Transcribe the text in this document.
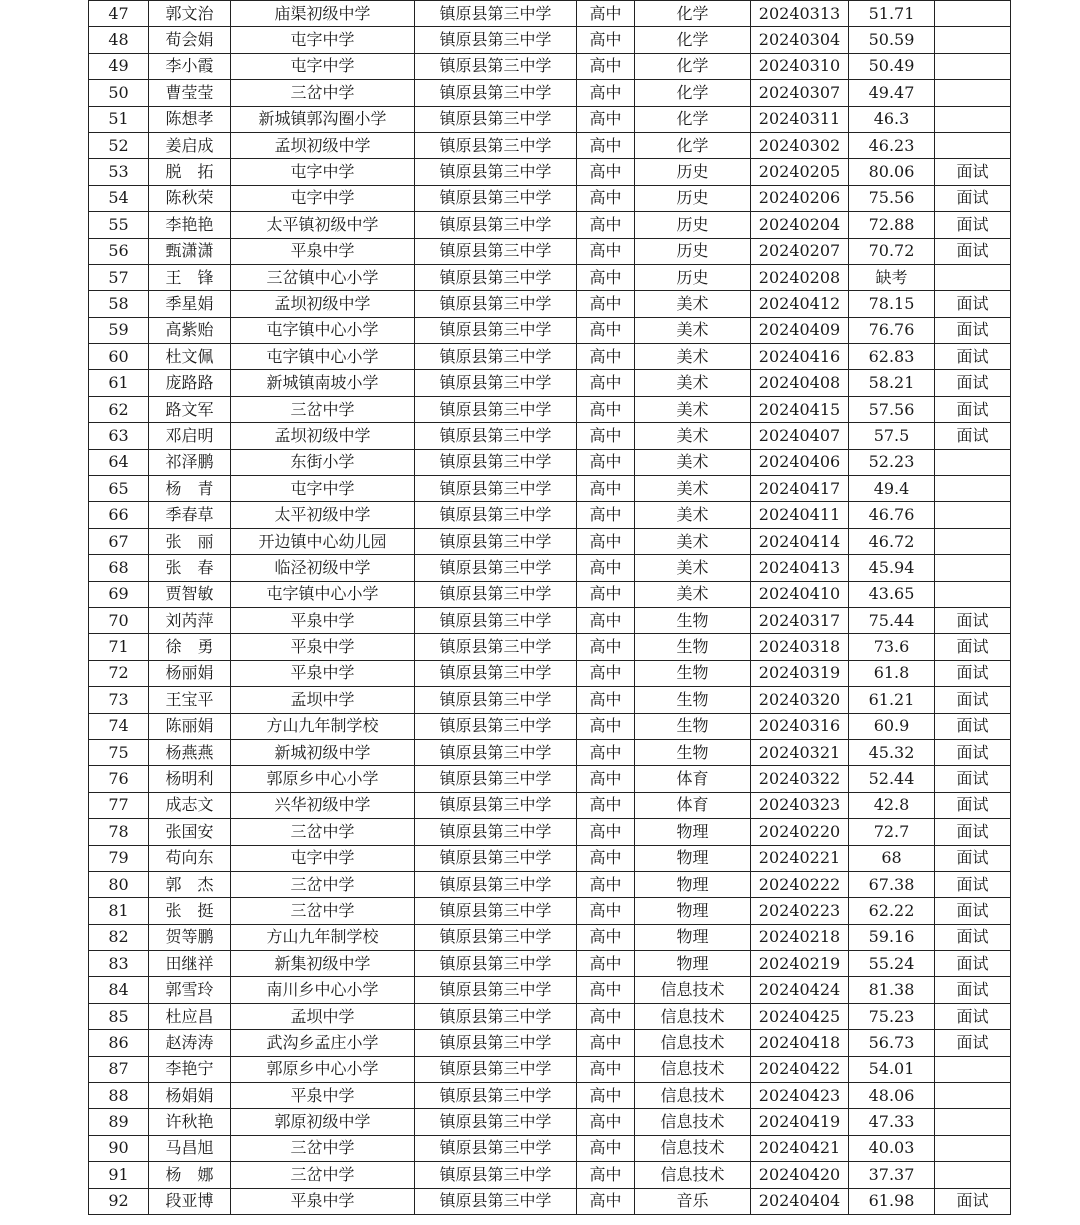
47	郭文治	庙渠初级中学	镇原县第三中学	高中	化学	20240313	51.71	
48	荀会娟	屯字中学	镇原县第三中学	高中	化学	20240304	50.59	
49	李小霞	屯字中学	镇原县第三中学	高中	化学	20240310	50.49	
50	曹莹莹	三岔中学	镇原县第三中学	高中	化学	20240307	49.47	
51	陈想孝	新城镇郭沟圈小学	镇原县第三中学	高中	化学	20240311	46.3	
52	姜启成	孟坝初级中学	镇原县第三中学	高中	化学	20240302	46.23	
53	脱　拓	屯字中学	镇原县第三中学	高中	历史	20240205	80.06	面试
54	陈秋荣	屯字中学	镇原县第三中学	高中	历史	20240206	75.56	面试
55	李艳艳	太平镇初级中学	镇原县第三中学	高中	历史	20240204	72.88	面试
56	甄潇潇	平泉中学	镇原县第三中学	高中	历史	20240207	70.72	面试
57	王　锋	三岔镇中心小学	镇原县第三中学	高中	历史	20240208	缺考	
58	季星娟	孟坝初级中学	镇原县第三中学	高中	美术	20240412	78.15	面试
59	高紫贻	屯字镇中心小学	镇原县第三中学	高中	美术	20240409	76.76	面试
60	杜文佩	屯字镇中心小学	镇原县第三中学	高中	美术	20240416	62.83	面试
61	庞路路	新城镇南坡小学	镇原县第三中学	高中	美术	20240408	58.21	面试
62	路文军	三岔中学	镇原县第三中学	高中	美术	20240415	57.56	面试
63	邓启明	孟坝初级中学	镇原县第三中学	高中	美术	20240407	57.5	面试
64	祁泽鹏	东街小学	镇原县第三中学	高中	美术	20240406	52.23	
65	杨　青	屯字中学	镇原县第三中学	高中	美术	20240417	49.4	
66	季春草	太平初级中学	镇原县第三中学	高中	美术	20240411	46.76	
67	张　丽	开边镇中心幼儿园	镇原县第三中学	高中	美术	20240414	46.72	
68	张　春	临泾初级中学	镇原县第三中学	高中	美术	20240413	45.94	
69	贾智敏	屯字镇中心小学	镇原县第三中学	高中	美术	20240410	43.65	
70	刘芮萍	平泉中学	镇原县第三中学	高中	生物	20240317	75.44	面试
71	徐　勇	平泉中学	镇原县第三中学	高中	生物	20240318	73.6	面试
72	杨丽娟	平泉中学	镇原县第三中学	高中	生物	20240319	61.8	面试
73	王宝平	孟坝中学	镇原县第三中学	高中	生物	20240320	61.21	面试
74	陈丽娟	方山九年制学校	镇原县第三中学	高中	生物	20240316	60.9	面试
75	杨燕燕	新城初级中学	镇原县第三中学	高中	生物	20240321	45.32	面试
76	杨明利	郭原乡中心小学	镇原县第三中学	高中	体育	20240322	52.44	面试
77	成志文	兴华初级中学	镇原县第三中学	高中	体育	20240323	42.8	面试
78	张国安	三岔中学	镇原县第三中学	高中	物理	20240220	72.7	面试
79	苟向东	屯字中学	镇原县第三中学	高中	物理	20240221	68	面试
80	郭　杰	三岔中学	镇原县第三中学	高中	物理	20240222	67.38	面试
81	张　挺	三岔中学	镇原县第三中学	高中	物理	20240223	62.22	面试
82	贺等鹏	方山九年制学校	镇原县第三中学	高中	物理	20240218	59.16	面试
83	田继祥	新集初级中学	镇原县第三中学	高中	物理	20240219	55.24	面试
84	郭雪玲	南川乡中心小学	镇原县第三中学	高中	信息技术	20240424	81.38	面试
85	杜应昌	孟坝中学	镇原县第三中学	高中	信息技术	20240425	75.23	面试
86	赵涛涛	武沟乡孟庄小学	镇原县第三中学	高中	信息技术	20240418	56.73	面试
87	李艳宁	郭原乡中心小学	镇原县第三中学	高中	信息技术	20240422	54.01	
88	杨娟娟	平泉中学	镇原县第三中学	高中	信息技术	20240423	48.06	
89	许秋艳	郭原初级中学	镇原县第三中学	高中	信息技术	20240419	47.33	
90	马昌旭	三岔中学	镇原县第三中学	高中	信息技术	20240421	40.03	
91	杨　娜	三岔中学	镇原县第三中学	高中	信息技术	20240420	37.37	
92	段亚博	平泉中学	镇原县第三中学	高中	音乐	20240404	61.98	面试
